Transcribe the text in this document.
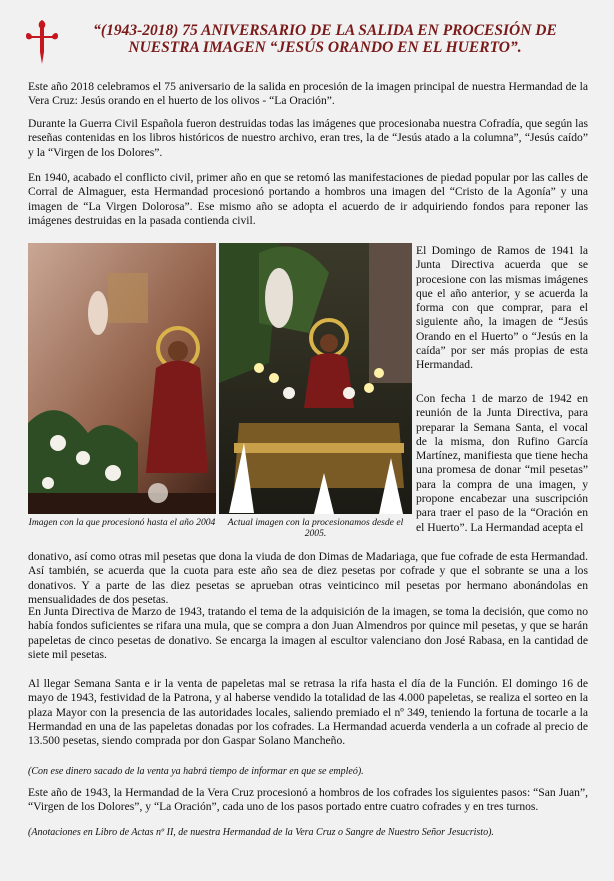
“(1943-2018) 75 ANIVERSARIO DE LA SALIDA EN PROCESIÓN DE NUESTRA IMAGEN “JESÚS ORANDO EN EL HUERTO”.

Este año 2018 celebramos el 75 aniversario de la salida en procesión de la imagen principal de nuestra Hermandad de la Vera Cruz: Jesús orando en el huerto de los olivos - “La Oración”.

Durante la Guerra Civil Española fueron destruidas todas las imágenes que procesionaba nuestra Cofradía, que según las reseñas contenidas en los libros históricos de nuestro archivo, eran tres, la de “Jesús atado a la columna”, “Jesús caído” y la “Virgen de los Dolores”.

En 1940, acabado el conflicto civil, primer año en que se retomó las manifestaciones de piedad popular por las calles de Corral de Almaguer, esta Hermandad procesionó portando a hombros una imagen del “Cristo de la Agonía” y una imagen de “La Virgen Dolorosa”. Ese mismo año se adopta el acuerdo de ir adquiriendo fondos para reponer las imágenes destruidas en la pasada contienda civil.

Imagen con la que procesionó hasta el año 2004	Actual imagen con la procesionamos desde el 2005.

El Domingo de Ramos de 1941 la Junta Directiva acuerda que se procesione con las mismas imágenes que el año anterior, y se acuerda la forma con que comprar, para el siguiente año, la imagen de “Jesús Orando en el Huerto” o “Jesús en la caída” por ser más propias de esta Hermandad.

Con fecha 1 de marzo de 1942 en reunión de la Junta Directiva, para preparar la Semana Santa, el vocal de la misma, don Rufino García Martínez, manifiesta que tiene hecha una promesa de donar “mil pesetas” para la compra de una imagen, y propone encabezar una suscripción para traer el paso de la “Oración en el Huerto”. La Hermandad acepta el

donativo, así como otras mil pesetas que dona la viuda de don Dimas de Madariaga, que fue cofrade de esta Hermandad. Así también, se acuerda que la cuota para este año sea de diez pesetas por cofrade y que el sobrante se una a los donativos. Y a parte de las diez pesetas se aprueban otras veinticinco mil pesetas por hermano abonándolas en mensualidades de dos pesetas.

En Junta Directiva de Marzo de 1943, tratando el tema de la adquisición de la imagen, se toma la decisión, que como no había fondos suficientes se rifara una mula, que se compra a don Juan Almendros por quince mil pesetas, y que se harán papeletas de cinco pesetas de donativo. Se encarga la imagen al escultor valenciano don José Rabasa, en la cantidad de siete mil pesetas.

Al llegar Semana Santa e ir la venta de papeletas mal se retrasa la rifa hasta el día de la Función. El domingo 16 de mayo de 1943, festividad de la Patrona, y al haberse vendido la totalidad de las 4.000 papeletas, se realiza el sorteo en la plaza Mayor con la presencia de las autoridades locales, saliendo premiado el nº 349, teniendo la fortuna de tocarle a la Hermandad en una de las papeletas donadas por los cofrades. La Hermandad acuerda venderla a un cofrade al precio de 13.500 pesetas, siendo comprada por don Gaspar Solano Mancheño.

(Con ese dinero sacado de la venta ya habrá tiempo de informar en que se empleó).

Este año de 1943, la Hermandad de la Vera Cruz procesionó a hombros de los cofrades los siguientes pasos: “San Juan”, “Virgen de los Dolores”, y “La Oración”, cada uno de los pasos portado entre cuatro cofrades y en tres turnos.

(Anotaciones en Libro de Actas nº II, de nuestra Hermandad de la Vera Cruz o Sangre de Nuestro Señor Jesucristo).
